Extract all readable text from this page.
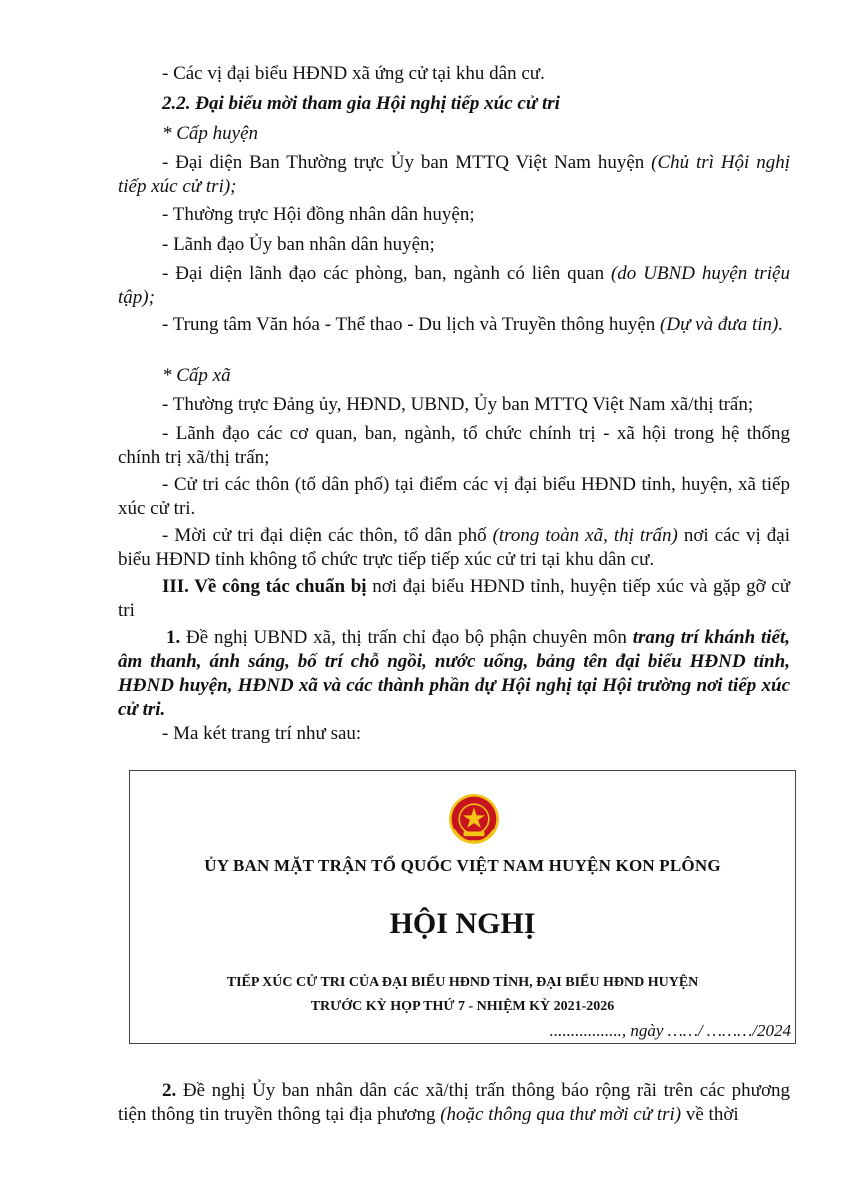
- Các vị đại biểu HĐND xã ứng cử tại khu dân cư.

2.2. Đại biểu mời tham gia Hội nghị tiếp xúc cử tri

* Cấp huyện

- Đại diện Ban Thường trực Ủy ban MTTQ Việt Nam huyện (Chủ trì Hội nghị tiếp xúc cử tri);

- Thường trực Hội đồng nhân dân huyện;

- Lãnh đạo Ủy ban nhân dân huyện;

- Đại diện lãnh đạo các phòng, ban, ngành có liên quan (do UBND huyện triệu tập);

- Trung tâm Văn hóa - Thể thao - Du lịch và Truyền thông huyện (Dự và đưa tin).

* Cấp xã

- Thường trực Đảng ủy, HĐND, UBND, Ủy ban MTTQ Việt Nam xã/thị trấn;

- Lãnh đạo các cơ quan, ban, ngành, tổ chức chính trị - xã hội trong hệ thống chính trị xã/thị trấn;

- Cử tri các thôn (tổ dân phố) tại điểm các vị đại biểu HĐND tỉnh, huyện, xã tiếp xúc cử tri.

- Mời cử tri đại diện các thôn, tổ dân phố (trong toàn xã, thị trấn) nơi các vị đại biểu HĐND tỉnh không tổ chức trực tiếp tiếp xúc cử tri tại khu dân cư.

III. Về công tác chuẩn bị nơi đại biểu HĐND tỉnh, huyện tiếp xúc và gặp gỡ cử tri

1. Đề nghị UBND xã, thị trấn chỉ đạo bộ phận chuyên môn trang trí khánh tiết, âm thanh, ánh sáng, bố trí chỗ ngồi, nước uống, bảng tên đại biểu HĐND tỉnh, HĐND huyện, HĐND xã và các thành phần dự Hội nghị tại Hội trường nơi tiếp xúc cử tri.

- Ma két trang trí như sau:

ỦY BAN MẶT TRẬN TỔ QUỐC VIỆT NAM HUYỆN KON PLÔNG
HỘI NGHỊ
TIẾP XÚC CỬ TRI CỦA ĐẠI BIỂU HĐND TỈNH, ĐẠI BIỂU HĐND HUYỆN
TRƯỚC KỲ HỌP THỨ 7 - NHIỆM KỲ 2021-2026
................., ngày ……/ ………/2024

2. Đề nghị Ủy ban nhân dân các xã/thị trấn thông báo rộng rãi trên các phương tiện thông tin truyền thông tại địa phương (hoặc thông qua thư mời cử tri) về thời
